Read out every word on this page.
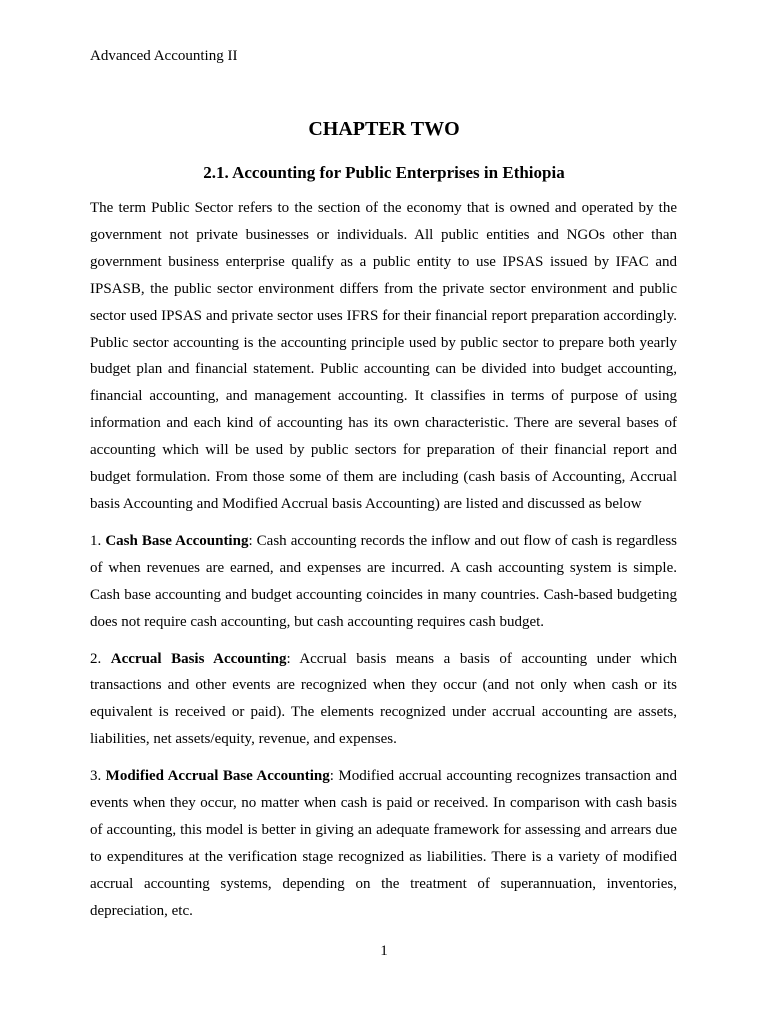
Advanced Accounting II
CHAPTER TWO
2.1. Accounting for Public Enterprises in Ethiopia

The term Public Sector refers to the section of the economy that is owned and operated by the government not private businesses or individuals. All public entities and NGOs other than government business enterprise qualify as a public entity to use IPSAS issued by IFAC and IPSASB, the public sector environment differs from the private sector environment and public sector used IPSAS and private sector uses IFRS for their financial report preparation accordingly. Public sector accounting is the accounting principle used by public sector to prepare both yearly budget plan and financial statement. Public accounting can be divided into budget accounting, financial accounting, and management accounting. It classifies in terms of purpose of using information and each kind of accounting has its own characteristic. There are several bases of accounting which will be used by public sectors for preparation of their financial report and budget formulation. From those some of them are including (cash basis of Accounting, Accrual basis Accounting and Modified Accrual basis Accounting) are listed and discussed as below

1. Cash Base Accounting: Cash accounting records the inflow and out flow of cash is regardless of when revenues are earned, and expenses are incurred. A cash accounting system is simple. Cash base accounting and budget accounting coincides in many countries. Cash-based budgeting does not require cash accounting, but cash accounting requires cash budget.

2. Accrual Basis Accounting: Accrual basis means a basis of accounting under which transactions and other events are recognized when they occur (and not only when cash or its equivalent is received or paid). The elements recognized under accrual accounting are assets, liabilities, net assets/equity, revenue, and expenses.

3. Modified Accrual Base Accounting: Modified accrual accounting recognizes transaction and events when they occur, no matter when cash is paid or received. In comparison with cash basis of accounting, this model is better in giving an adequate framework for assessing and arrears due to expenditures at the verification stage recognized as liabilities. There is a variety of modified accrual accounting systems, depending on the treatment of superannuation, inventories, depreciation, etc.

1
